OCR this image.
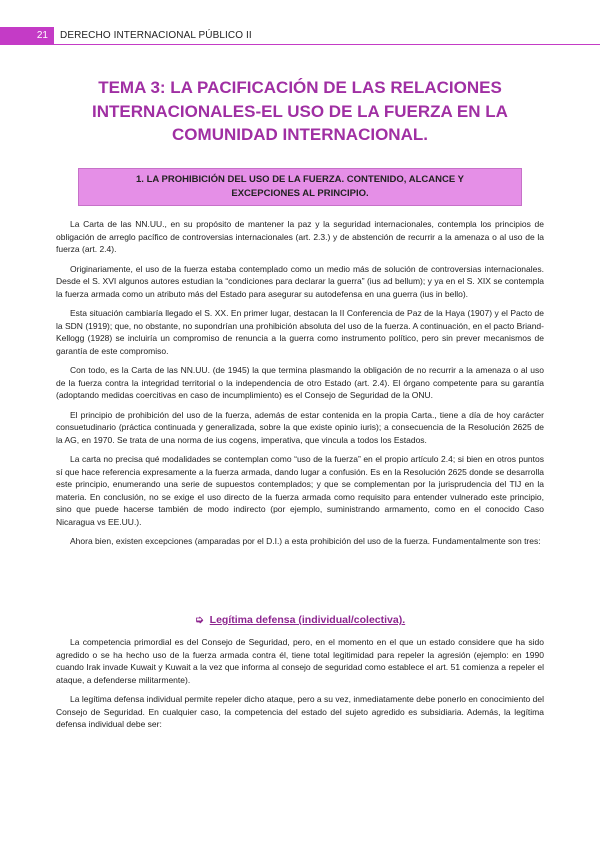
21	DERECHO INTERNACIONAL PÚBLICO II
TEMA 3: LA PACIFICACIÓN DE LAS RELACIONES INTERNACIONALES-EL USO DE LA FUERZA EN LA COMUNIDAD INTERNACIONAL.
1. LA PROHIBICIÓN DEL USO DE LA FUERZA. CONTENIDO, ALCANCE Y
EXCEPCIONES AL PRINCIPIO.

La Carta de las NN.UU., en su propósito de mantener la paz y la seguridad internacionales, contempla los principios de obligación de arreglo pacífico de controversias internacionales (art. 2.3.) y de abstención de recurrir a la amenaza o al uso de la fuerza (art. 2.4).

Originariamente, el uso de la fuerza estaba contemplado como un medio más de solución de controversias internacionales. Desde el S. XVI algunos autores estudian la “condiciones para declarar la guerra” (ius ad bellum); y ya en el S. XIX se contempla la fuerza armada como un atributo más del Estado para asegurar su autodefensa en una guerra (ius in bello).

Esta situación cambiaría llegado el S. XX. En primer lugar, destacan la II Conferencia de Paz de la Haya (1907) y el Pacto de la SDN (1919); que, no obstante, no supondrían una prohibición absoluta del uso de la fuerza. A continuación, en el pacto Briand-Kellogg (1928) se incluiría un compromiso de renuncia a la guerra como instrumento político, pero sin prever mecanismos de garantía de este compromiso.

Con todo, es la Carta de las NN.UU. (de 1945) la que termina plasmando la obligación de no recurrir a la amenaza o al uso de la fuerza contra la integridad territorial o la independencia de otro Estado (art. 2.4). El órgano competente para su garantía (adoptando medidas coercitivas en caso de incumplimiento) es el Consejo de Seguridad de la ONU.

El principio de prohibición del uso de la fuerza, además de estar contenida en la propia Carta., tiene a día de hoy carácter consuetudinario (práctica continuada y generalizada, sobre la que existe opinio iuris); a consecuencia de la Resolución 2625 de la AG, en 1970. Se trata de una norma de ius cogens, imperativa, que vincula a todos los Estados.

La carta no precisa qué modalidades se contemplan como “uso de la fuerza” en el propio artículo 2.4; si bien en otros puntos sí que hace referencia expresamente a la fuerza armada, dando lugar a confusión. Es en la Resolución 2625 donde se desarrolla este principio, enumerando una serie de supuestos contemplados; y que se complementan por la jurisprudencia del TIJ en la materia. En conclusión, no se exige el uso directo de la fuerza armada como requisito para entender vulnerado este principio, sino que puede hacerse también de modo indirecto (por ejemplo, suministrando armamento, como en el conocido Caso Nicaragua vs EE.UU.).

Ahora bien, existen excepciones (amparadas por el D.I.) a esta prohibición del uso de la fuerza. Fundamentalmente son tres:

➭ Legítima defensa (individual/colectiva).

La competencia primordial es del Consejo de Seguridad, pero, en el momento en el que un estado considere que ha sido agredido o se ha hecho uso de la fuerza armada contra él, tiene total legitimidad para repeler la agresión (ejemplo: en 1990 cuando Irak invade Kuwait y Kuwait a la vez que informa al consejo de seguridad como establece el art. 51 comienza a repeler el ataque, a defenderse militarmente).

La legítima defensa individual permite repeler dicho ataque, pero a su vez, inmediatamente debe ponerlo en conocimiento del Consejo de Seguridad. En cualquier caso, la competencia del estado del sujeto agredido es subsidiaria. Además, la legítima defensa individual debe ser:
